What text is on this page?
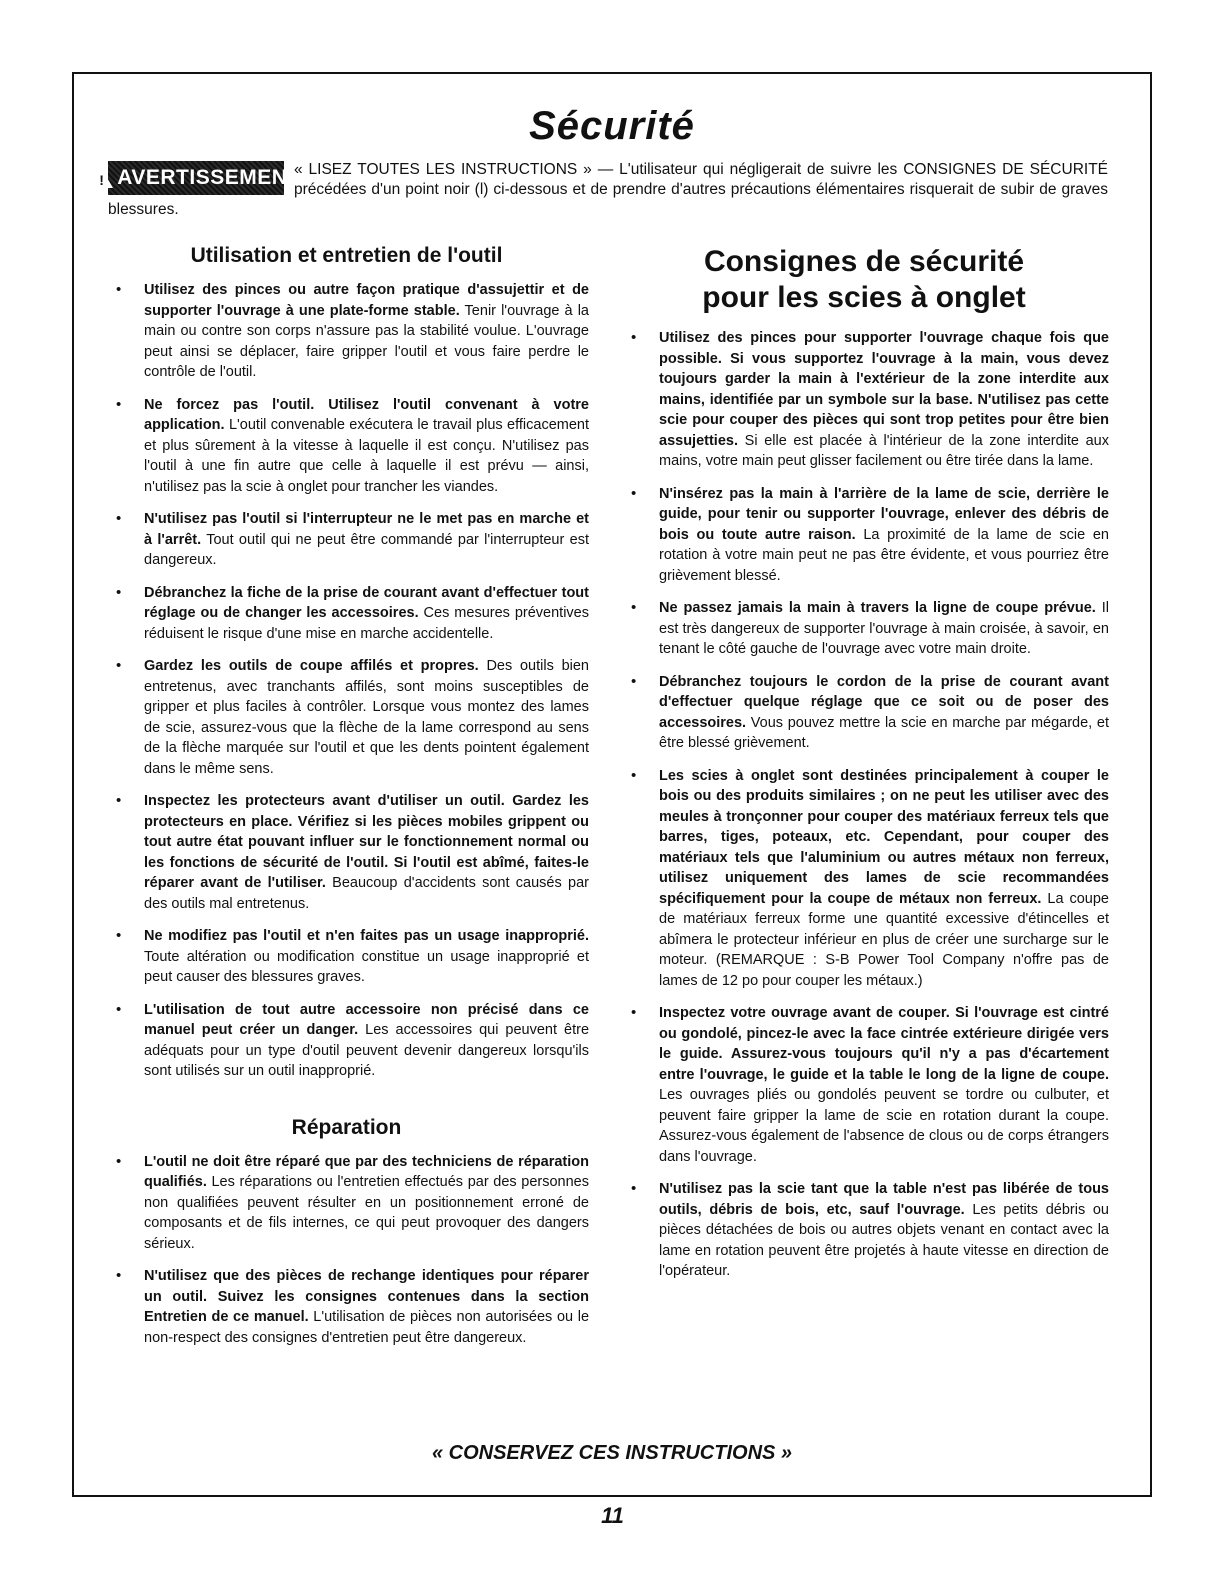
Sécurité
!
AVERTISSEMENT
« LISEZ TOUTES LES INSTRUCTIONS » — L'utilisateur qui négligerait de suivre les CONSIGNES DE SÉCURITÉ précédées d'un point noir (l) ci-dessous et de prendre d'autres précautions élémentaires risquerait de subir de graves blessures.
Utilisation et entretien de l'outil
• Utilisez des pinces ou autre façon pratique d'assujettir et de supporter l'ouvrage à une plate-forme stable. Tenir l'ouvrage à la main ou contre son corps n'assure pas la stabilité voulue. L'ouvrage peut ainsi se déplacer, faire gripper l'outil et vous faire perdre le contrôle de l'outil.
• Ne forcez pas l'outil. Utilisez l'outil convenant à votre application. L'outil convenable exécutera le travail plus efficacement et plus sûrement à la vitesse à laquelle il est conçu. N'utilisez pas l'outil à une fin autre que celle à laquelle il est prévu — ainsi, n'utilisez pas la scie à onglet pour trancher les viandes.
• N'utilisez pas l'outil si l'interrupteur ne le met pas en marche et à l'arrêt. Tout outil qui ne peut être commandé par l'interrupteur est dangereux.
• Débranchez la fiche de la prise de courant avant d'effectuer tout réglage ou de changer les accessoires. Ces mesures préventives réduisent le risque d'une mise en marche accidentelle.
• Gardez les outils de coupe affilés et propres. Des outils bien entretenus, avec tranchants affilés, sont moins susceptibles de gripper et plus faciles à contrôler. Lorsque vous montez des lames de scie, assurez-vous que la flèche de la lame correspond au sens de la flèche marquée sur l'outil et que les dents pointent également dans le même sens.
• Inspectez les protecteurs avant d'utiliser un outil. Gardez les protecteurs en place. Vérifiez si les pièces mobiles grippent ou tout autre état pouvant influer sur le fonctionnement normal ou les fonctions de sécurité de l'outil. Si l'outil est abîmé, faites-le réparer avant de l'utiliser. Beaucoup d'accidents sont causés par des outils mal entretenus.
• Ne modifiez pas l'outil et n'en faites pas un usage inapproprié. Toute altération ou modification constitue un usage inapproprié et peut causer des blessures graves.
• L'utilisation de tout autre accessoire non précisé dans ce manuel peut créer un danger. Les accessoires qui peuvent être adéquats pour un type d'outil peuvent devenir dangereux lorsqu'ils sont utilisés sur un outil inapproprié.
Réparation
• L'outil ne doit être réparé que par des techniciens de réparation qualifiés. Les réparations ou l'entretien effectués par des personnes non qualifiées peuvent résulter en un positionnement erroné de composants et de fils internes, ce qui peut provoquer des dangers sérieux.
• N'utilisez que des pièces de rechange identiques pour réparer un outil. Suivez les consignes contenues dans la section Entretien de ce manuel. L'utilisation de pièces non autorisées ou le non-respect des consignes d'entretien peut être dangereux.
Consignes de sécurité
pour les scies à onglet
• Utilisez des pinces pour supporter l'ouvrage chaque fois que possible. Si vous supportez l'ouvrage à la main, vous devez toujours garder la main à l'extérieur de la zone interdite aux mains, identifiée par un symbole sur la base. N'utilisez pas cette scie pour couper des pièces qui sont trop petites pour être bien assujetties. Si elle est placée à l'intérieur de la zone interdite aux mains, votre main peut glisser facilement ou être tirée dans la lame.
• N'insérez pas la main à l'arrière de la lame de scie, derrière le guide, pour tenir ou supporter l'ouvrage, enlever des débris de bois ou toute autre raison. La proximité de la lame de scie en rotation à votre main peut ne pas être évidente, et vous pourriez être grièvement blessé.
• Ne passez jamais la main à travers la ligne de coupe prévue. Il est très dangereux de supporter l'ouvrage à main croisée, à savoir, en tenant le côté gauche de l'ouvrage avec votre main droite.
• Débranchez toujours le cordon de la prise de courant avant d'effectuer quelque réglage que ce soit ou de poser des accessoires. Vous pouvez mettre la scie en marche par mégarde, et être blessé grièvement.
• Les scies à onglet sont destinées principalement à couper le bois ou des produits similaires ; on ne peut les utiliser avec des meules à tronçonner pour couper des matériaux ferreux tels que barres, tiges, poteaux, etc. Cependant, pour couper des matériaux tels que l'aluminium ou autres métaux non ferreux, utilisez uniquement des lames de scie recommandées spécifiquement pour la coupe de métaux non ferreux. La coupe de matériaux ferreux forme une quantité excessive d'étincelles et abîmera le protecteur inférieur en plus de créer une surcharge sur le moteur. (REMARQUE : S-B Power Tool Company n'offre pas de lames de 12 po pour couper les métaux.)
• Inspectez votre ouvrage avant de couper. Si l'ouvrage est cintré ou gondolé, pincez-le avec la face cintrée extérieure dirigée vers le guide. Assurez-vous toujours qu'il n'y a pas d'écartement entre l'ouvrage, le guide et la table le long de la ligne de coupe. Les ouvrages pliés ou gondolés peuvent se tordre ou culbuter, et peuvent faire gripper la lame de scie en rotation durant la coupe. Assurez-vous également de l'absence de clous ou de corps étrangers dans l'ouvrage.
• N'utilisez pas la scie tant que la table n'est pas libérée de tous outils, débris de bois, etc, sauf l'ouvrage. Les petits débris ou pièces détachées de bois ou autres objets venant en contact avec la lame en rotation peuvent être projetés à haute vitesse en direction de l'opérateur.
« CONSERVEZ CES INSTRUCTIONS »
11
